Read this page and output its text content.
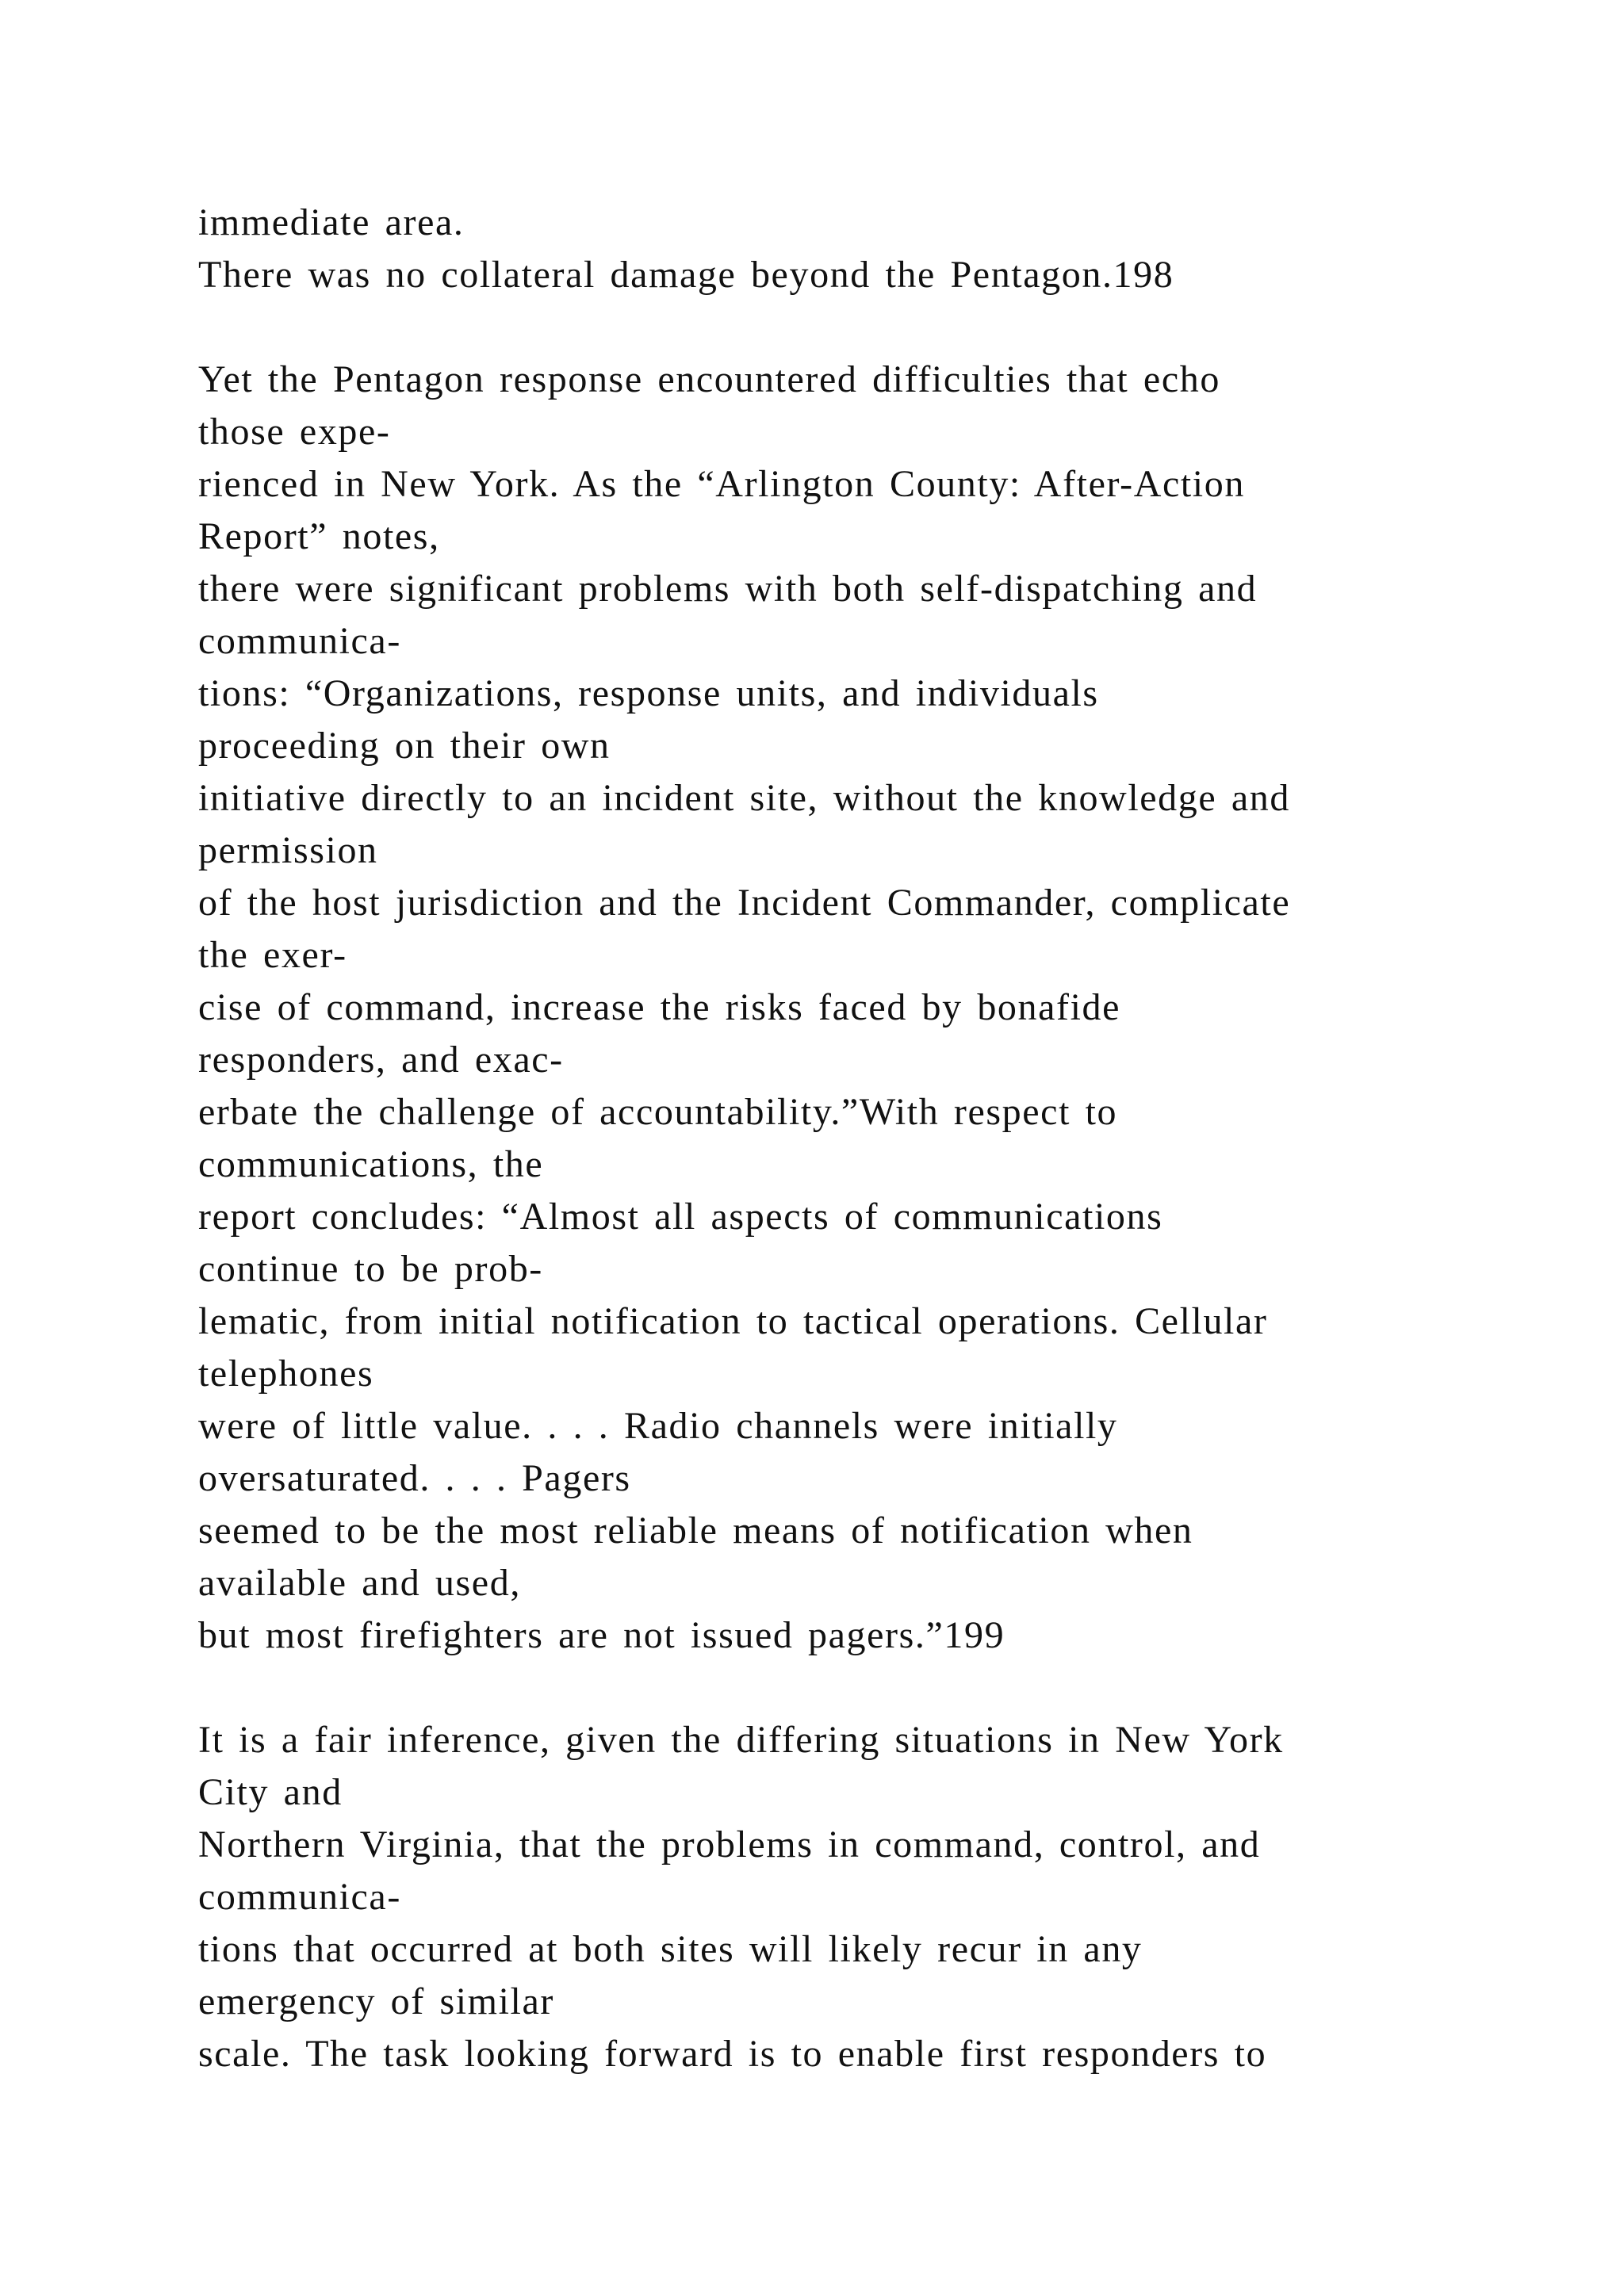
immediate area.
There was no collateral damage beyond the Pentagon.198
Yet the Pentagon response encountered difficulties that echo
those expe-
rienced in New York. As the “Arlington County: After-Action
Report” notes,
there were significant problems with both self-dispatching and
communica-
tions: “Organizations, response units, and individuals
proceeding on their own
initiative directly to an incident site, without the knowledge and
permission
of the host jurisdiction and the Incident Commander, complicate
the exer-
cise of command, increase the risks faced by bonafide
responders, and exac-
erbate the challenge of accountability.”With respect to
communications, the
report concludes: “Almost all aspects of communications
continue to be prob-
lematic, from initial notification to tactical operations. Cellular
telephones
were of little value. . . . Radio channels were initially
oversaturated. . . . Pagers
seemed to be the most reliable means of notification when
available and used,
but most firefighters are not issued pagers.”199
It is a fair inference, given the differing situations in New York
City and
Northern Virginia, that the problems in command, control, and
communica-
tions that occurred at both sites will likely recur in any
emergency of similar
scale. The task looking forward is to enable first responders to
